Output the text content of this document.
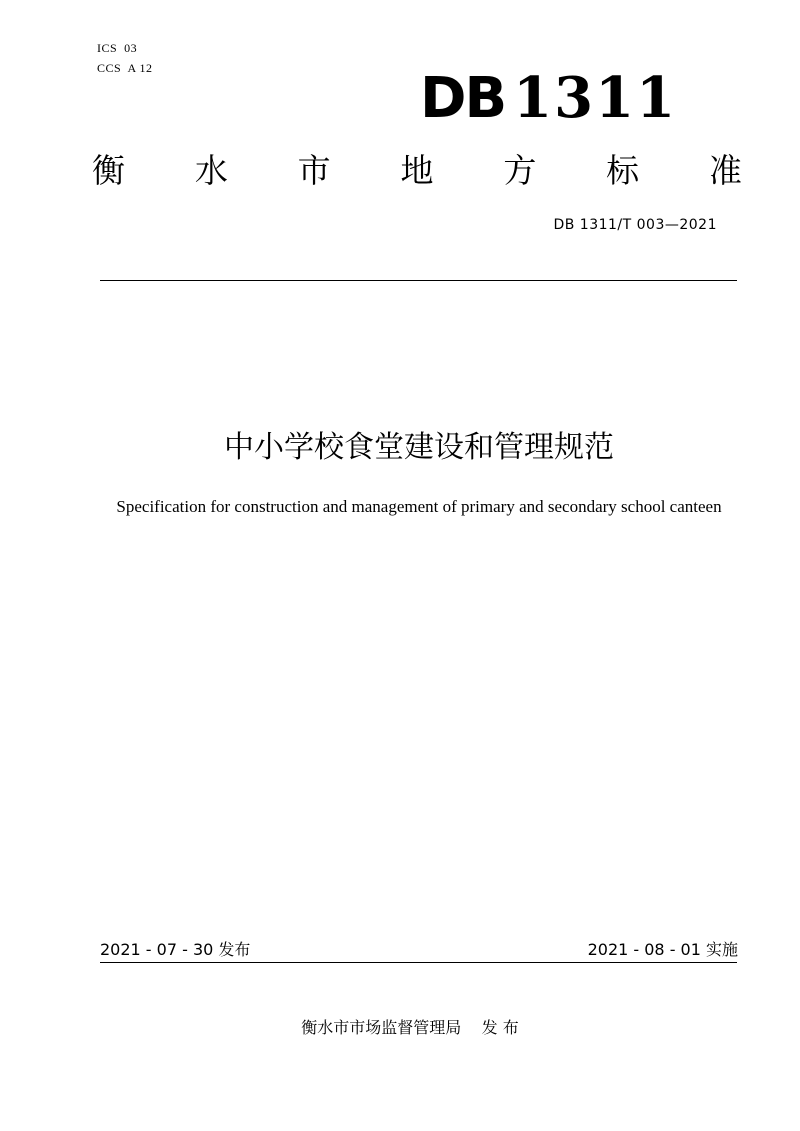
ICS  03
CCS  A 12	DB 1311
衡 水 市 地 方 标 准
DB 1311/T 003—2021
中小学校食堂建设和管理规范
Specification for construction and management of primary and secondary school canteen
2021 - 07 - 30 发布	2021 - 08 - 01 实施
衡水市市场监督管理局    发 布
